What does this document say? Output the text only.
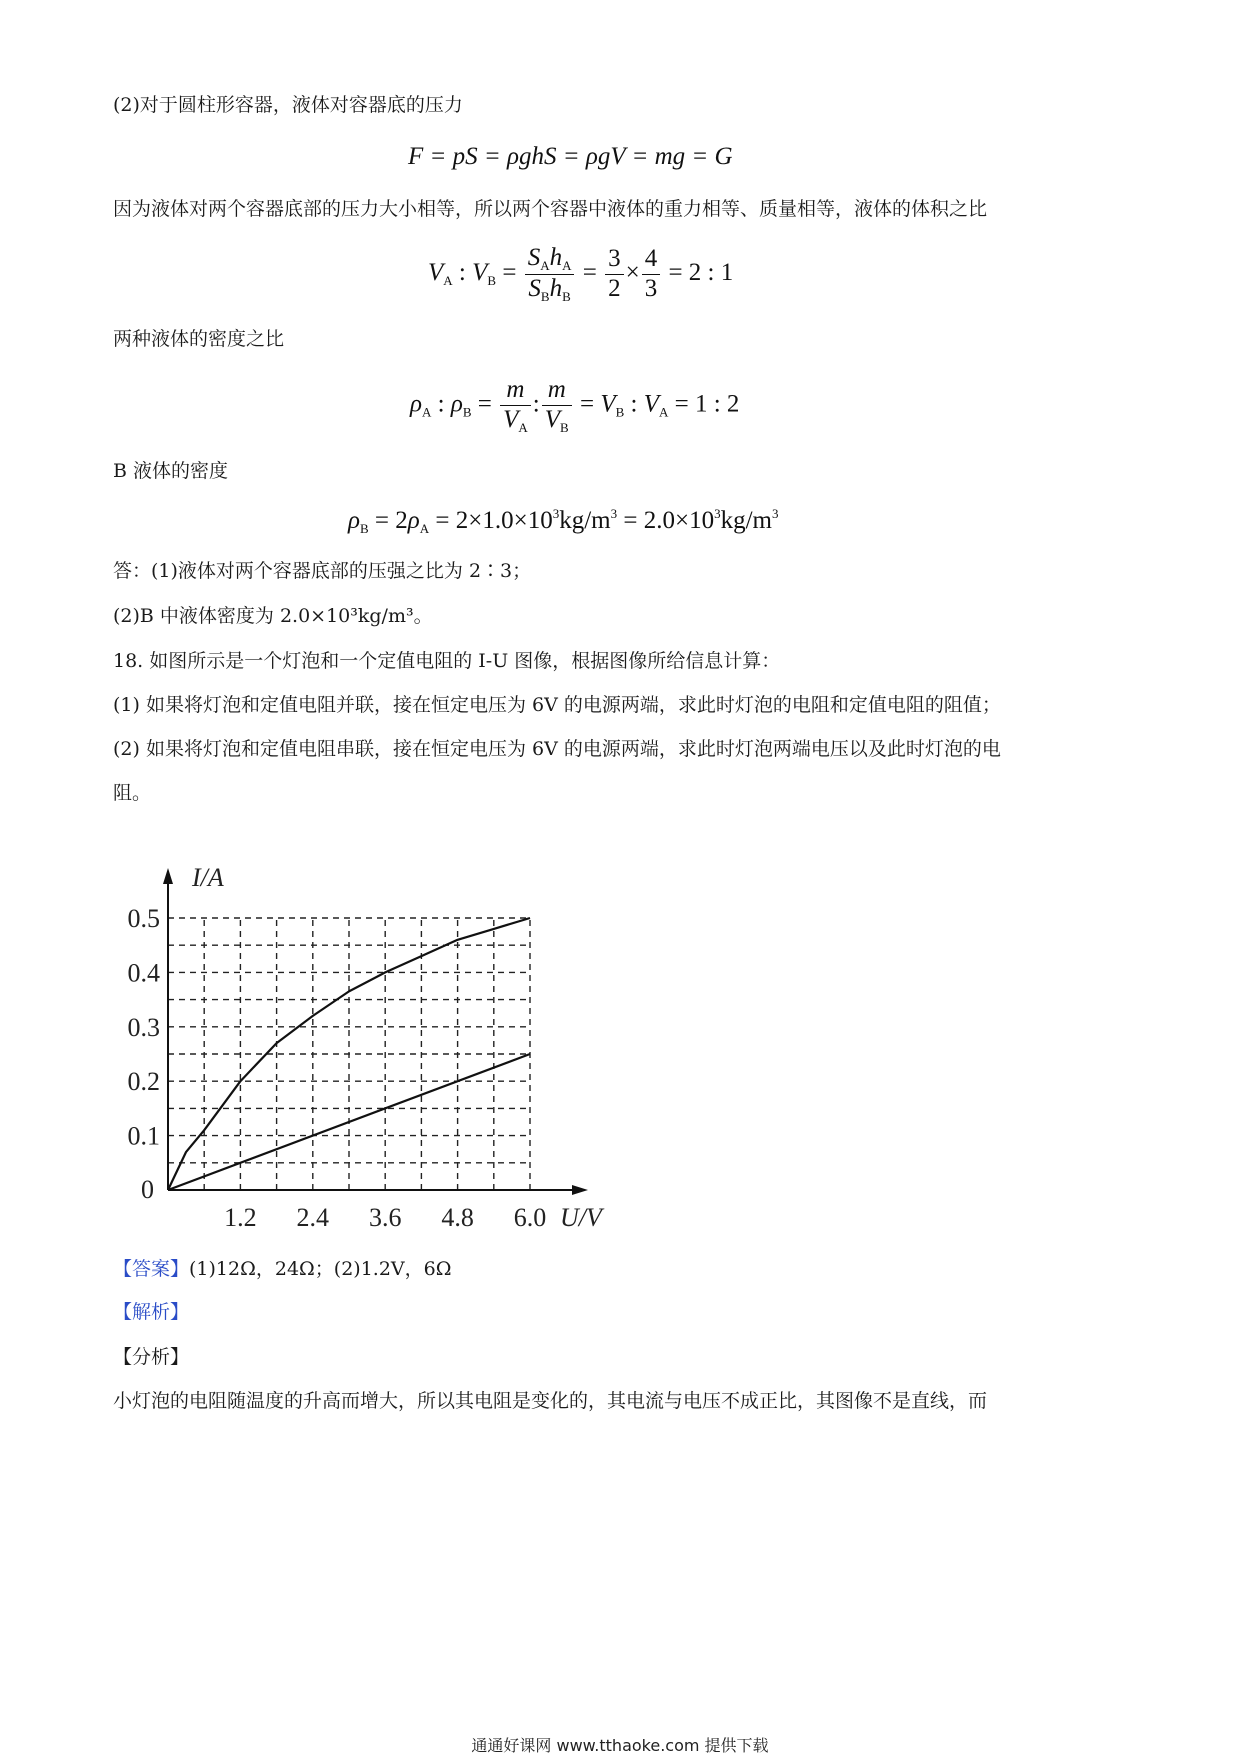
(2)对于圆柱形容器，液体对容器底的压力
F = pS = ρghS = ρgV = mg = G
因为液体对两个容器底部的压力大小相等，所以两个容器中液体的重力相等、质量相等，液体的体积之比
$V_A$ : $V_B = \frac{S_Ah_A}{S_Bh_B} = \frac{3}{2} \times \frac{4}{3} = 2$ : 1
两种液体的密度之比
$\rho_A$ : $\rho_B = \frac{m}{V_A}$ : $\frac{m}{V_B} = V_B$ : $V_A = 1$ : 2
B 液体的密度
$\rho_B = 2\rho_A = 2\times 1.0\times 10^3kg/m^3 = 2.0\times 10^3kg/m^3$
答：(1)液体对两个容器底部的压强之比为 2∶3；
(2)B 中液体密度为 2.0×10³kg/m³。
18. 如图所示是一个灯泡和一个定值电阻的 I-U 图像，根据图像所给信息计算：
(1) 如果将灯泡和定值电阻并联，接在恒定电压为 6V 的电源两端，求此时灯泡的电阻和定值电阻的阻值；
(2) 如果将灯泡和定值电阻串联，接在恒定电压为 6V 的电源两端，求此时灯泡两端电压以及此时灯泡的电
阻。
1.2 2.4 3.6 4.8 6.0
0.1
0.2
0.3
0.4
0.5
0
U/V
I/A
【答案】(1)12Ω，24Ω；(2)1.2V，6Ω
【解析】
【分析】
小灯泡的电阻随温度的升高而增大，所以其电阻是变化的，其电流与电压不成正比，其图像不是直线，而
通通好课网 www.tthaoke.com 提供下载
